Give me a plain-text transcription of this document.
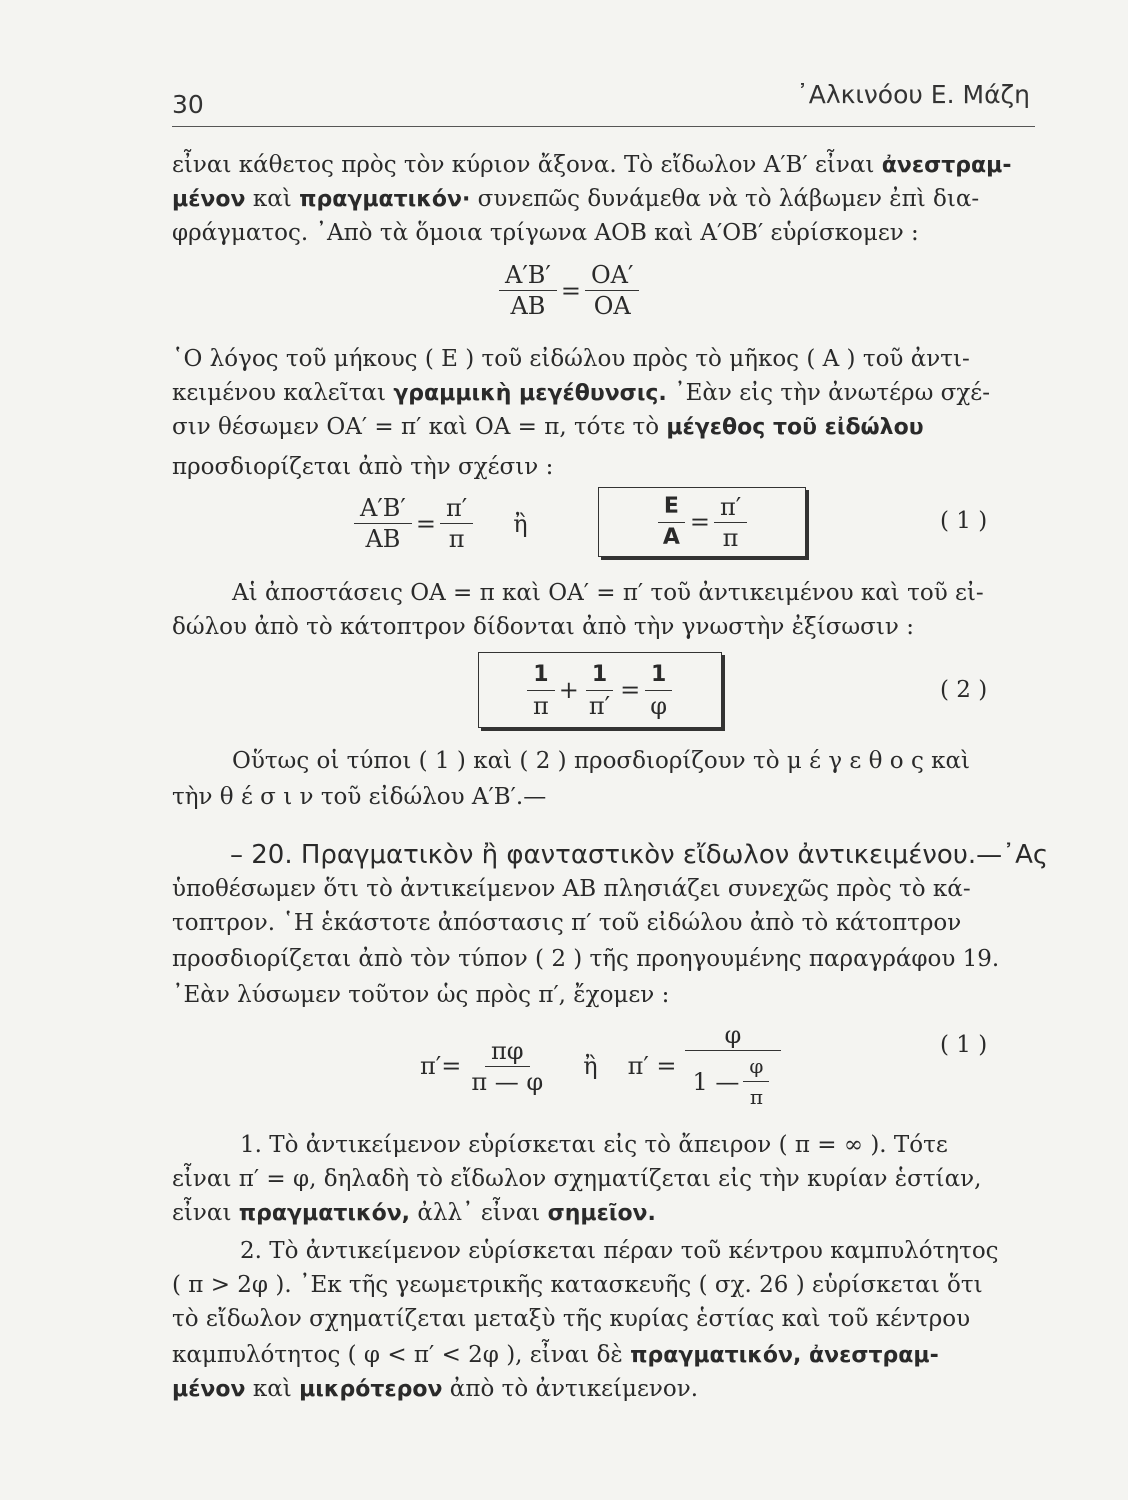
30	᾿Αλκινόου Ε. Μάζη
εἶναι κάθετος πρὸς τὸν κύριον ἄξονα. Τὸ εἴδωλον Α′Β′ εἶναι ἀνεστραμ-
μένον καὶ πραγματικόν· συνεπῶς δυνάμεθα νὰ τὸ λάβωμεν ἐπὶ δια-
φράγματος. ᾿Απὸ τὰ ὅμοια τρίγωνα ΑΟΒ καὶ Α′ΟΒ′ εὑρίσκομεν :
$\frac{A'B'}{AB} = \frac{OA'}{OA}$
῾Ο λόγος τοῦ μήκους ( Ε ) τοῦ εἰδώλου πρὸς τὸ μῆκος ( Α ) τοῦ ἀντι-
κειμένου καλεῖται γραμμικὴ μεγέθυνσις. ᾿Εὰν εἰς τὴν ἀνωτέρω σχέ-
σιν θέσωμεν ΟΑ′ = π′ καὶ ΟΑ = π, τότε τὸ μέγεθος τοῦ εἰδώλου
προσδιορίζεται ἀπὸ τὴν σχέσιν :
$\frac{A'B'}{AB} = \frac{\pi'}{\pi}$ ἢ	$\frac{E}{A} = \frac{\pi'}{\pi}$	( 1 )
Αἱ ἀποστάσεις ΟΑ = π καὶ ΟΑ′ = π′ τοῦ ἀντικειμένου καὶ τοῦ εἰ-
δώλου ἀπὸ τὸ κάτοπτρον δίδονται ἀπὸ τὴν γνωστὴν ἐξίσωσιν :
$\frac{1}{\pi} + \frac{1}{\pi'} = \frac{1}{\varphi}$	( 2 )
Οὕτως οἱ τύποι ( 1 ) καὶ ( 2 ) προσδιορίζουν τὸ μ έ γ ε θ ο ς καὶ
τὴν θ έ σ ι ν τοῦ εἰδώλου Α′Β′.—
– 20. Πραγματικὸν ἢ φανταστικὸν εἴδωλον ἀντικειμένου.—᾿Ας
ὑποθέσωμεν ὅτι τὸ ἀντικείμενον ΑΒ πλησιάζει συνεχῶς πρὸς τὸ κά-
τοπτρον. ῾Η ἑκάστοτε ἀπόστασις π′ τοῦ εἰδώλου ἀπὸ τὸ κάτοπτρον
προσδιορίζεται ἀπὸ τὸν τύπον ( 2 ) τῆς προηγουμένης παραγράφου 19.
᾿Εὰν λύσωμεν τοῦτον ὡς πρὸς π′, ἔχομεν :
$\pi'= \frac{\pi\varphi}{\pi — \varphi}$ ἢ $\pi' = \frac{\varphi}{1 — \frac{\varphi}{\pi}}$	( 1 )
1. Τὸ ἀντικείμενον εὑρίσκεται εἰς τὸ ἄπειρον ( π = ∞ ). Τότε
εἶναι π′ = φ, δηλαδὴ τὸ εἴδωλον σχηματίζεται εἰς τὴν κυρίαν ἑστίαν,
εἶναι πραγματικόν, ἀλλ᾿ εἶναι σημεῖον.
2. Τὸ ἀντικείμενον εὑρίσκεται πέραν τοῦ κέντρου καμπυλότητος
( π > 2φ ). ᾿Εκ τῆς γεωμετρικῆς κατασκευῆς ( σχ. 26 ) εὑρίσκεται ὅτι
τὸ εἴδωλον σχηματίζεται μεταξὺ τῆς κυρίας ἑστίας καὶ τοῦ κέντρου
καμπυλότητος ( φ < π′ < 2φ ), εἶναι δὲ πραγματικόν, ἀνεστραμ-
μένον καὶ μικρότερον ἀπὸ τὸ ἀντικείμενον.
